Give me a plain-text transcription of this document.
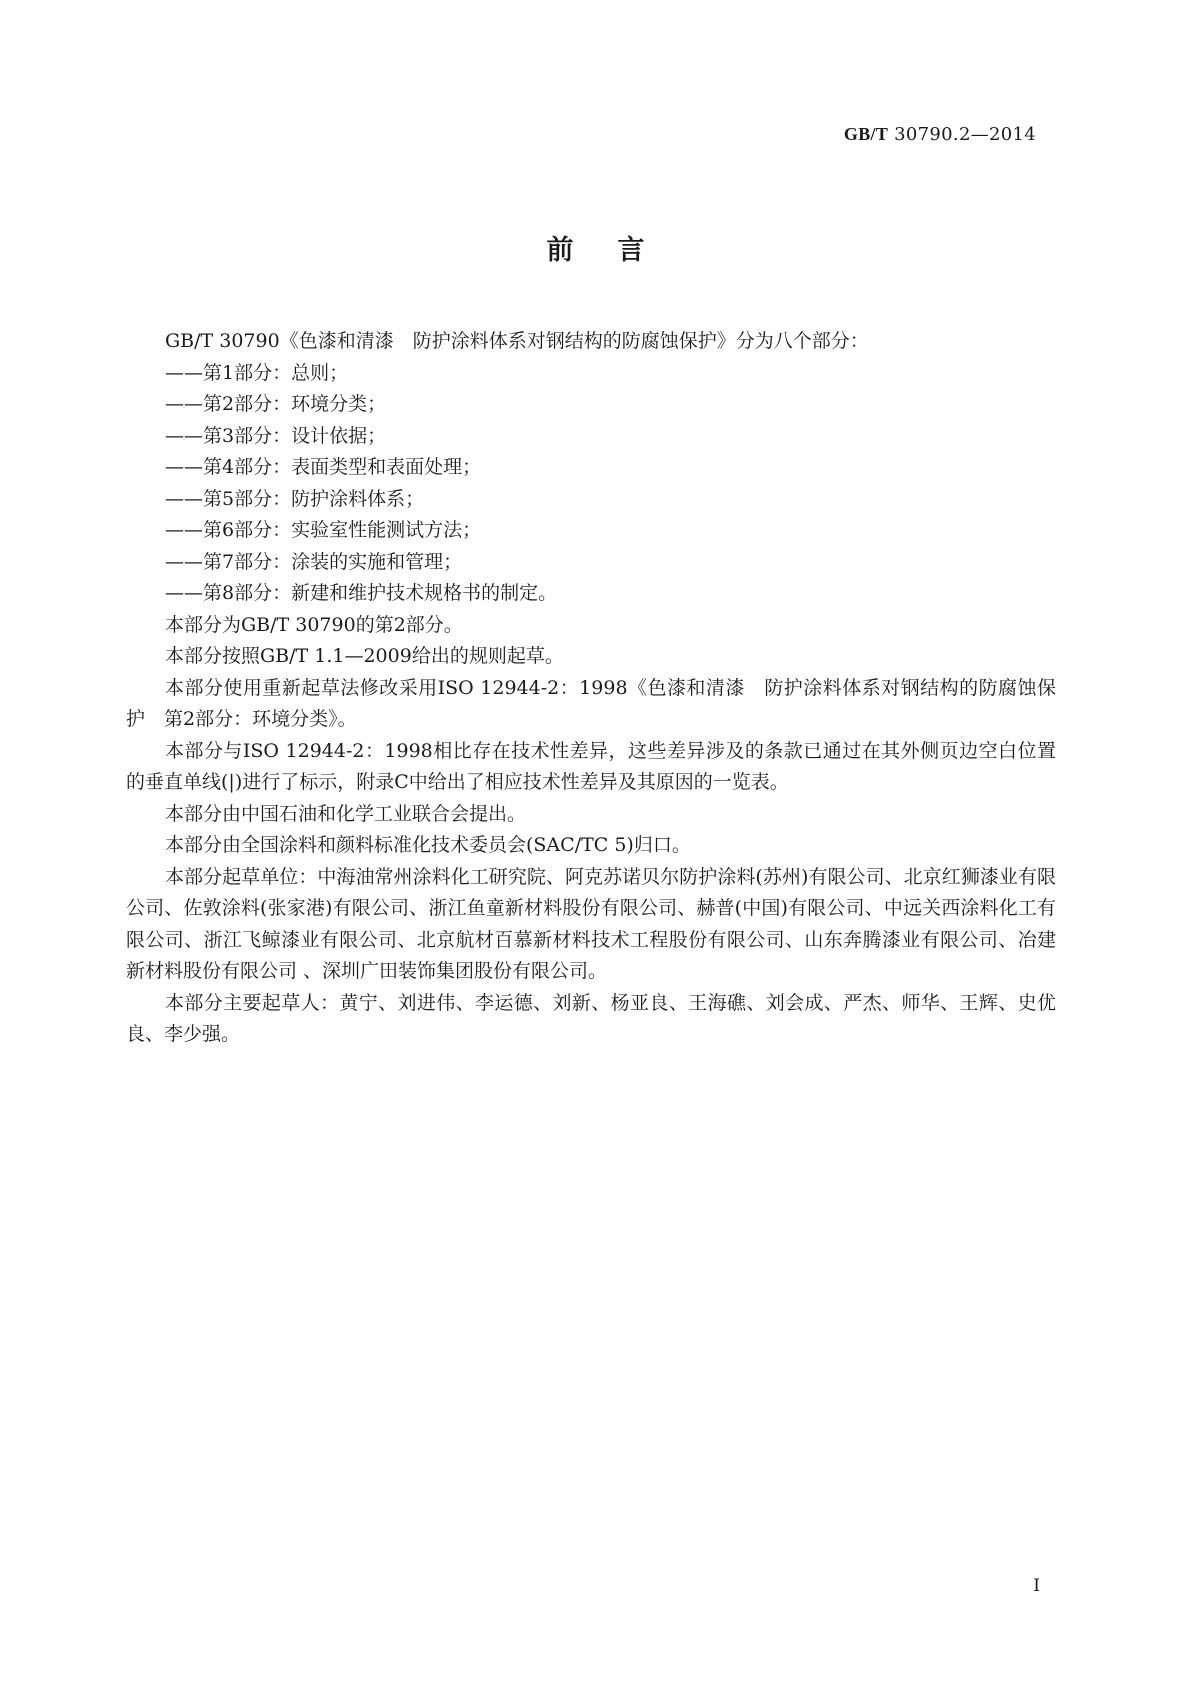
GB/T 30790.2—2014
前言

GB/T 30790《色漆和清漆　防护涂料体系对钢结构的防腐蚀保护》分为八个部分：

——第1部分：总则；
——第2部分：环境分类；
——第3部分：设计依据；
——第4部分：表面类型和表面处理；
——第5部分：防护涂料体系；
——第6部分：实验室性能测试方法；
——第7部分：涂装的实施和管理；
——第8部分：新建和维护技术规格书的制定。

本部分为GB/T 30790的第2部分。

本部分按照GB/T 1.1—2009给出的规则起草。

本部分使用重新起草法修改采用ISO 12944-2：1998《色漆和清漆　防护涂料体系对钢结构的防腐蚀保护　第2部分：环境分类》。

本部分与ISO 12944-2：1998相比存在技术性差异，这些差异涉及的条款已通过在其外侧页边空白位置的垂直单线(|)进行了标示，附录C中给出了相应技术性差异及其原因的一览表。

本部分由中国石油和化学工业联合会提出。

本部分由全国涂料和颜料标准化技术委员会(SAC/TC 5)归口。

本部分起草单位：中海油常州涂料化工研究院、阿克苏诺贝尔防护涂料(苏州)有限公司、北京红狮漆业有限公司、佐敦涂料(张家港)有限公司、浙江鱼童新材料股份有限公司、赫普(中国)有限公司、中远关西涂料化工有限公司、浙江飞鲸漆业有限公司、北京航材百慕新材料技术工程股份有限公司、山东奔腾漆业有限公司、冶建新材料股份有限公司 、深圳广田装饰集团股份有限公司。

本部分主要起草人：黄宁、刘进伟、李运德、刘新、杨亚良、王海礁、刘会成、严杰、师华、王辉、史优良、李少强。

I
